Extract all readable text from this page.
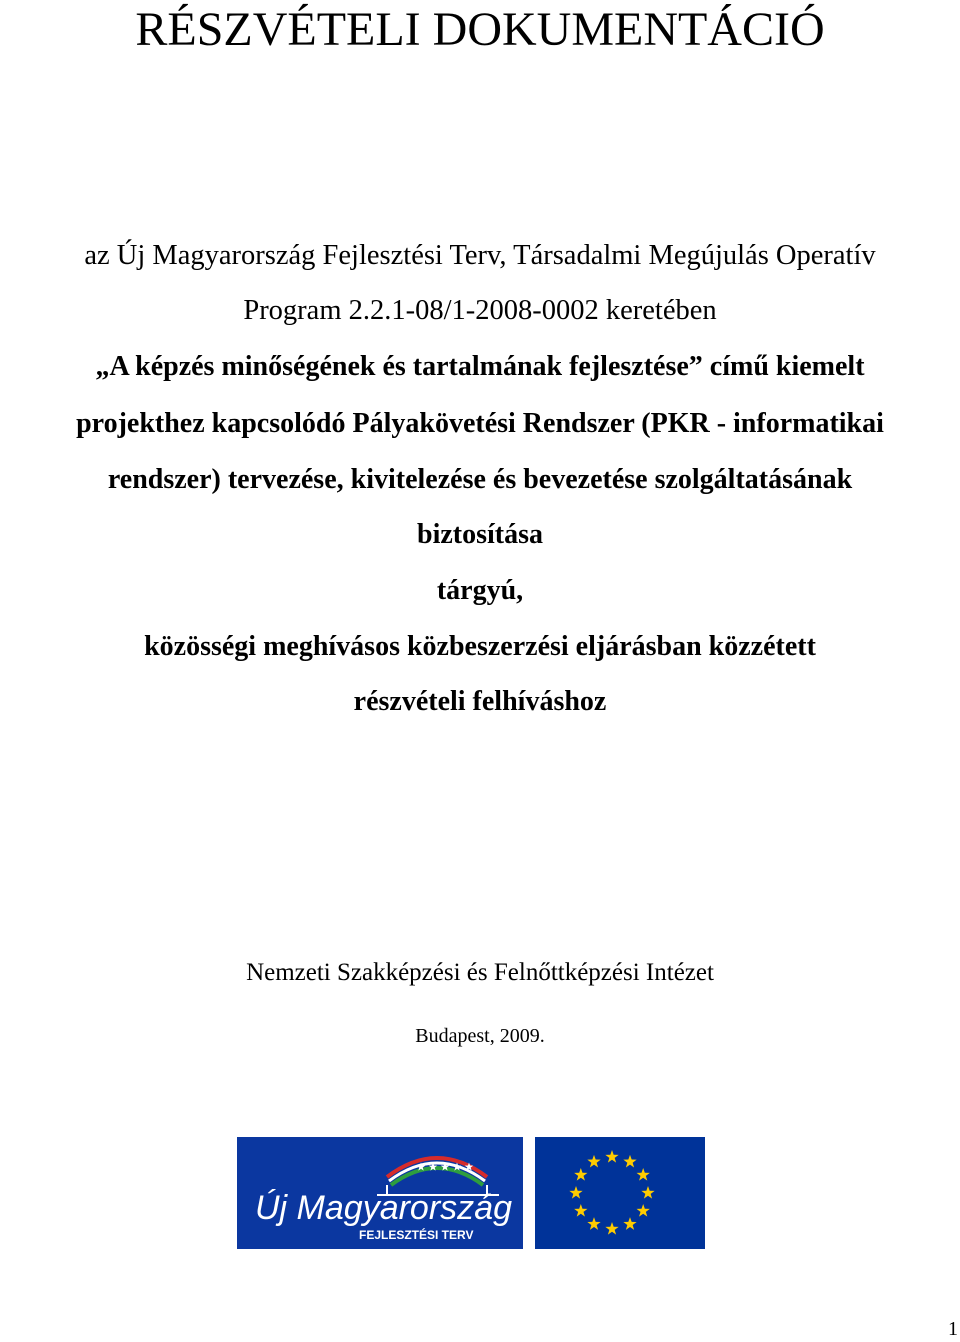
RÉSZVÉTELI DOKUMENTÁCIÓ
az Új Magyarország Fejlesztési Terv, Társadalmi Megújulás Operatív
Program 2.2.1-08/1-2008-0002 keretében
„A képzés minőségének és tartalmának fejlesztése” című kiemelt
projekthez kapcsolódó Pályakövetési Rendszer (PKR - informatikai
rendszer) tervezése, kivitelezése és bevezetése szolgáltatásának
biztosítása
tárgyú,
közösségi meghívásos közbeszerzési eljárásban közzétett
részvételi felhíváshoz
Nemzeti Szakképzési és Felnőttképzési Intézet
Budapest, 2009.
Új Magyarország
FEJLESZTÉSI TERV
1
